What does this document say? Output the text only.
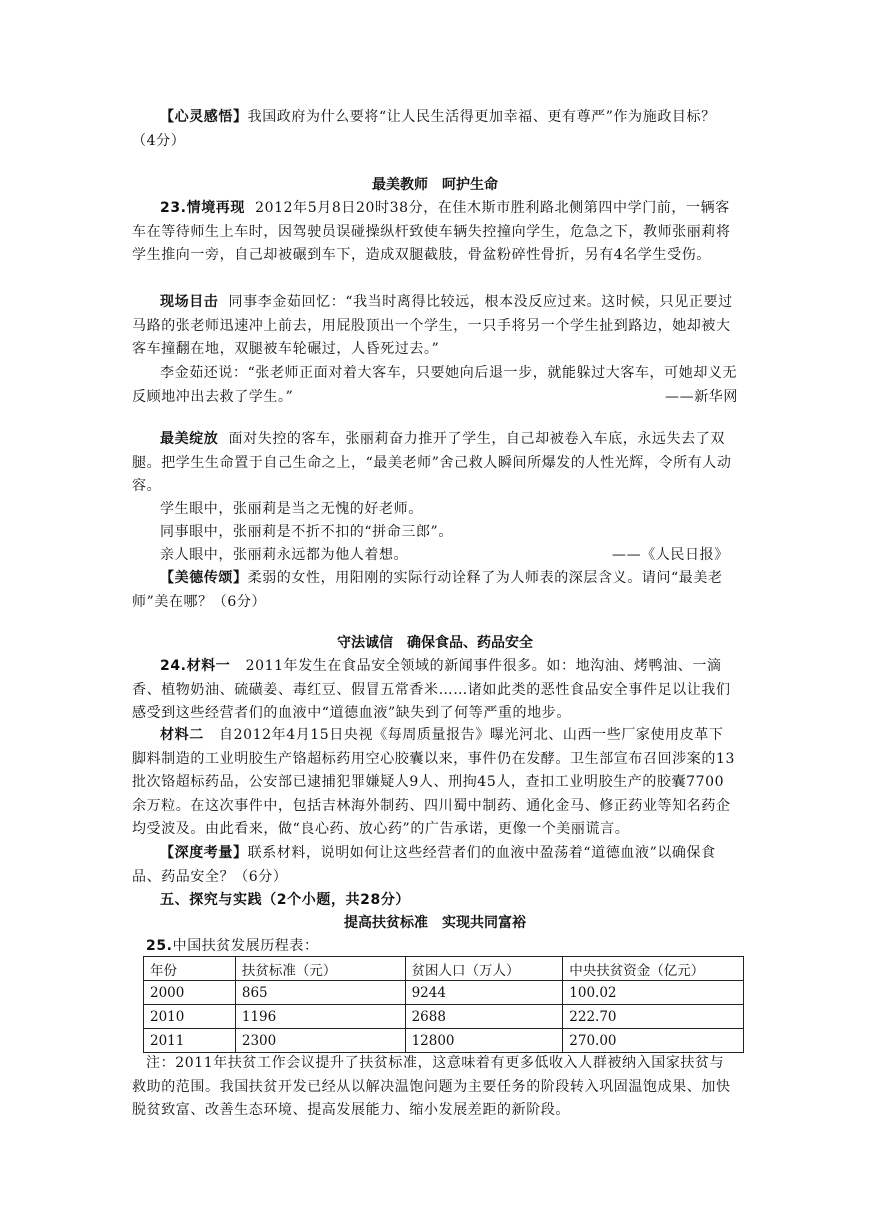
【心灵感悟】我国政府为什么要将“让人民生活得更加幸福、更有尊严”作为施政目标？（4分）

最美教师　呵护生命

23.情境再现 2012年5月8日20时38分，在佳木斯市胜利路北侧第四中学门前，一辆客车在等待师生上车时，因驾驶员误碰操纵杆致使车辆失控撞向学生，危急之下，教师张丽莉将学生推向一旁，自己却被碾到车下，造成双腿截肢，骨盆粉碎性骨折，另有4名学生受伤。

现场目击 同事李金茹回忆：“我当时离得比较远，根本没反应过来。这时候，只见正要过马路的张老师迅速冲上前去，用屁股顶出一个学生，一只手将另一个学生扯到路边，她却被大客车撞翻在地，双腿被车轮碾过，人昏死过去。”

李金茹还说：“张老师正面对着大客车，只要她向后退一步，就能躲过大客车，可她却义无反顾地冲出去救了学生。”	——新华网

最美绽放 面对失控的客车，张丽莉奋力推开了学生，自己却被卷入车底，永远失去了双腿。把学生生命置于自己生命之上，“最美老师”舍己救人瞬间所爆发的人性光辉，令所有人动容。

学生眼中，张丽莉是当之无愧的好老师。

同事眼中，张丽莉是不折不扣的“拼命三郎”。

亲人眼中，张丽莉永远都为他人着想。	——《人民日报》

【美德传颂】柔弱的女性，用阳刚的实际行动诠释了为人师表的深层含义。请问“最美老师”美在哪？（6分）

守法诚信　确保食品、药品安全

24.材料一 2011年发生在食品安全领域的新闻事件很多。如：地沟油、烤鸭油、一滴香、植物奶油、硫磺姜、毒红豆、假冒五常香米……诸如此类的恶性食品安全事件足以让我们感受到这些经营者们的血液中“道德血液”缺失到了何等严重的地步。

材料二 自2012年4月15日央视《每周质量报告》曝光河北、山西一些厂家使用皮革下脚料制造的工业明胶生产铬超标药用空心胶囊以来，事件仍在发酵。卫生部宣布召回涉案的13批次铬超标药品，公安部已逮捕犯罪嫌疑人9人、刑拘45人，查扣工业明胶生产的胶囊7700余万粒。在这次事件中，包括吉林海外制药、四川蜀中制药、通化金马、修正药业等知名药企均受波及。由此看来，做“良心药、放心药”的广告承诺，更像一个美丽谎言。

【深度考量】联系材料，说明如何让这些经营者们的血液中盈荡着“道德血液”以确保食品、药品安全？（6分）

五、探究与实践（2个小题，共28分）

提高扶贫标准　实现共同富裕

25.中国扶贫发展历程表：

年份	扶贫标准（元）	贫困人口（万人）	中央扶贫资金（亿元）
2000	865	9244	100.02
2010	1196	2688	222.70
2011	2300	12800	270.00

注：2011年扶贫工作会议提升了扶贫标准，这意味着有更多低收入人群被纳入国家扶贫与救助的范围。我国扶贫开发已经从以解决温饱问题为主要任务的阶段转入巩固温饱成果、加快脱贫致富、改善生态环境、提高发展能力、缩小发展差距的新阶段。
